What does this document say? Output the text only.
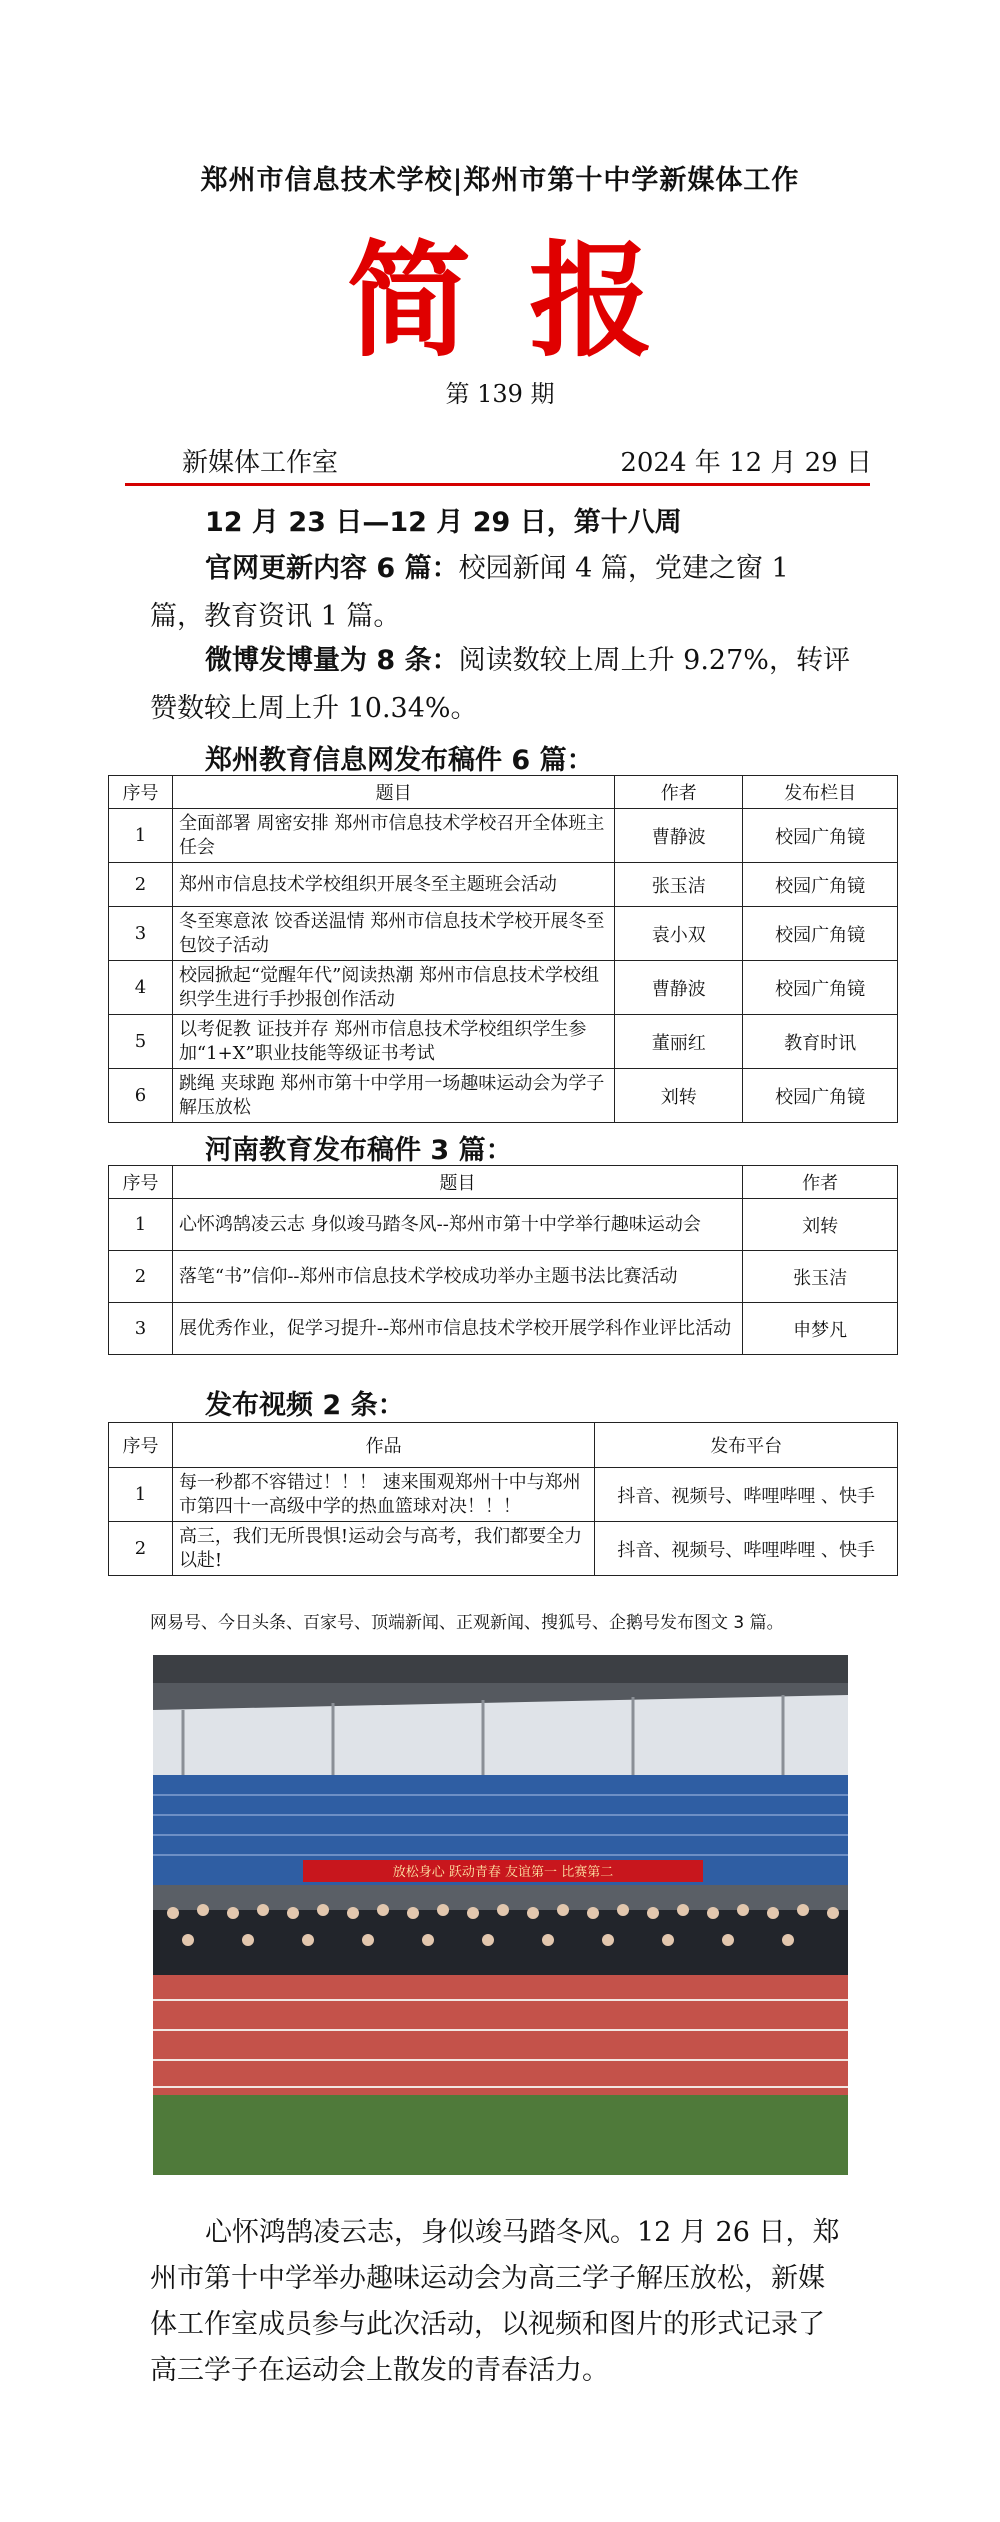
郑州市信息技术学校|郑州市第十中学新媒体工作
简报
第 139 期
新媒体工作室	2024 年 12 月 29 日
12 月 23 日—12 月 29 日，第十八周
官网更新内容 6 篇：校园新闻 4 篇，党建之窗 1 篇，教育资讯 1 篇。
微博发博量为 8 条：阅读数较上周上升 9.27%，转评赞数较上周上升 10.34%。
郑州教育信息网发布稿件 6 篇：
序号	题目	作者	发布栏目
1	全面部署 周密安排 郑州市信息技术学校召开全体班主任会	曹静波	校园广角镜
2	郑州市信息技术学校组织开展冬至主题班会活动	张玉洁	校园广角镜
3	冬至寒意浓 饺香送温情 郑州市信息技术学校开展冬至包饺子活动	袁小双	校园广角镜
4	校园掀起“觉醒年代”阅读热潮 郑州市信息技术学校组织学生进行手抄报创作活动	曹静波	校园广角镜
5	以考促教 证技并存 郑州市信息技术学校组织学生参加“1+X”职业技能等级证书考试	董丽红	教育时讯
6	跳绳 夹球跑 郑州市第十中学用一场趣味运动会为学子解压放松	刘转	校园广角镜
河南教育发布稿件 3 篇：
序号	题目	作者
1	心怀鸿鹄凌云志 身似竣马踏冬风--郑州市第十中学举行趣味运动会	刘转
2	落笔“书”信仰--郑州市信息技术学校成功举办主题书法比赛活动	张玉洁
3	展优秀作业，促学习提升--郑州市信息技术学校开展学科作业评比活动	申梦凡
发布视频 2 条：
序号	作品	发布平台
1	每一秒都不容错过！！！ 速来围观郑州十中与郑州市第四十一高级中学的热血篮球对决！！！	抖音、视频号、哔哩哔哩 、快手
2	高三，我们无所畏惧!运动会与高考，我们都要全力以赴!	抖音、视频号、哔哩哔哩 、快手
网易号、今日头条、百家号、顶端新闻、正观新闻、搜狐号、企鹅号发布图文 3 篇。
放松身心 跃动青春 友谊第一 比赛第二
心怀鸿鹄凌云志，身似竣马踏冬风。12 月 26 日，郑州市第十中学举办趣味运动会为高三学子解压放松，新媒体工作室成员参与此次活动，以视频和图片的形式记录了高三学子在运动会上散发的青春活力。
